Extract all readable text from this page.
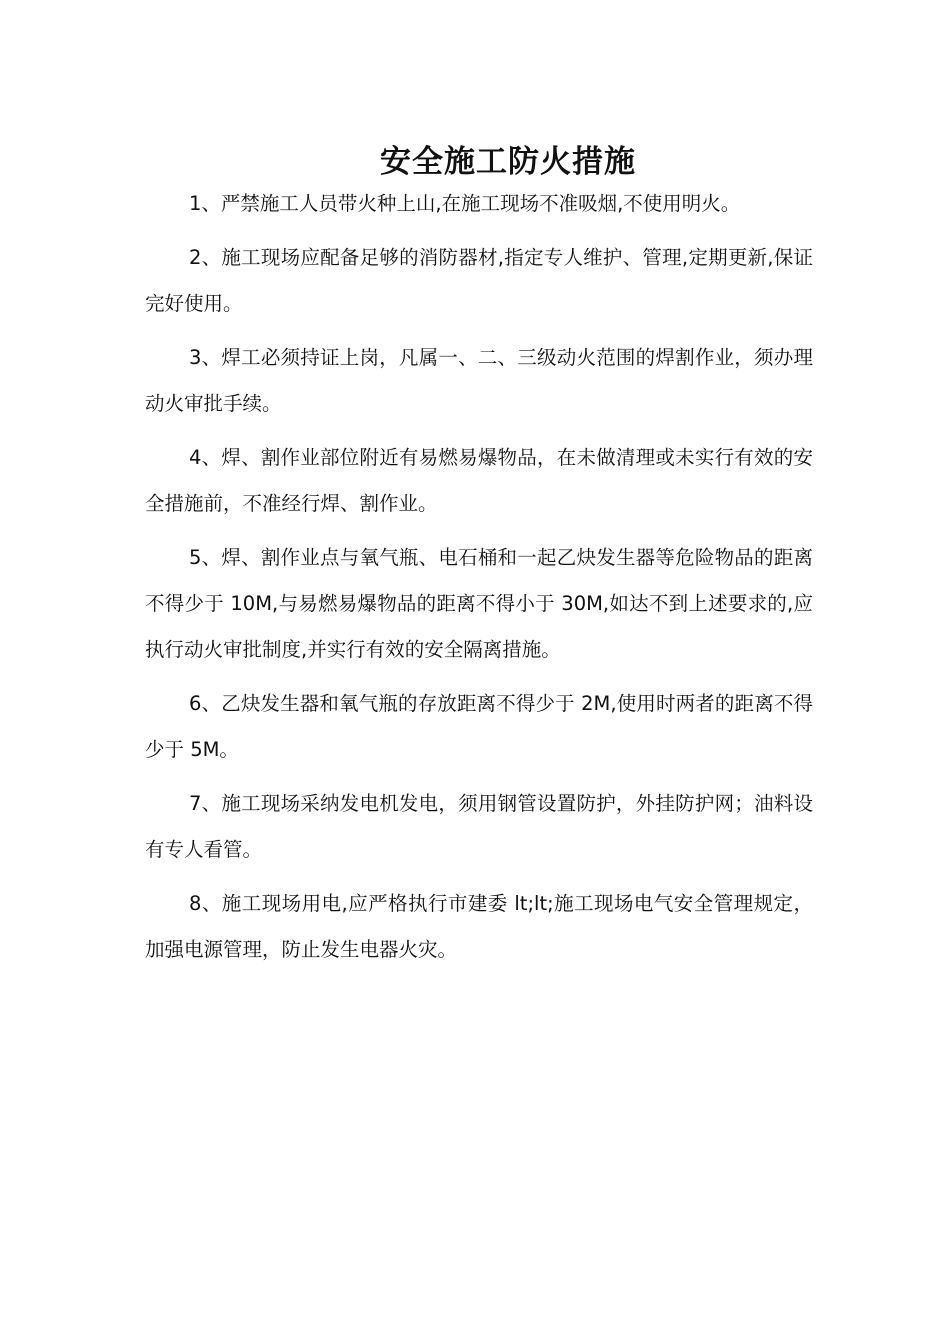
安全施工防火措施

1、严禁施工人员带火种上山,在施工现场不准吸烟,不使用明火。

2、施工现场应配备足够的消防器材,指定专人维护、管理,定期更新,保证完好使用。

3、焊工必须持证上岗，凡属一、二、三级动火范围的焊割作业，须办理动火审批手续。

4、焊、割作业部位附近有易燃易爆物品，在未做清理或未实行有效的安全措施前，不准经行焊、割作业。

5、焊、割作业点与氧气瓶、电石桶和一起乙炔发生器等危险物品的距离不得少于 10M,与易燃易爆物品的距离不得小于 30M,如达不到上述要求的,应执行动火审批制度,并实行有效的安全隔离措施。

6、乙炔发生器和氧气瓶的存放距离不得少于 2M,使用时两者的距离不得少于 5M。

7、施工现场采纳发电机发电，须用钢管设置防护，外挂防护网；油料设有专人看管。

8、施工现场用电,应严格执行市建委 lt;lt;施工现场电气安全管理规定，加强电源管理，防止发生电器火灾。
